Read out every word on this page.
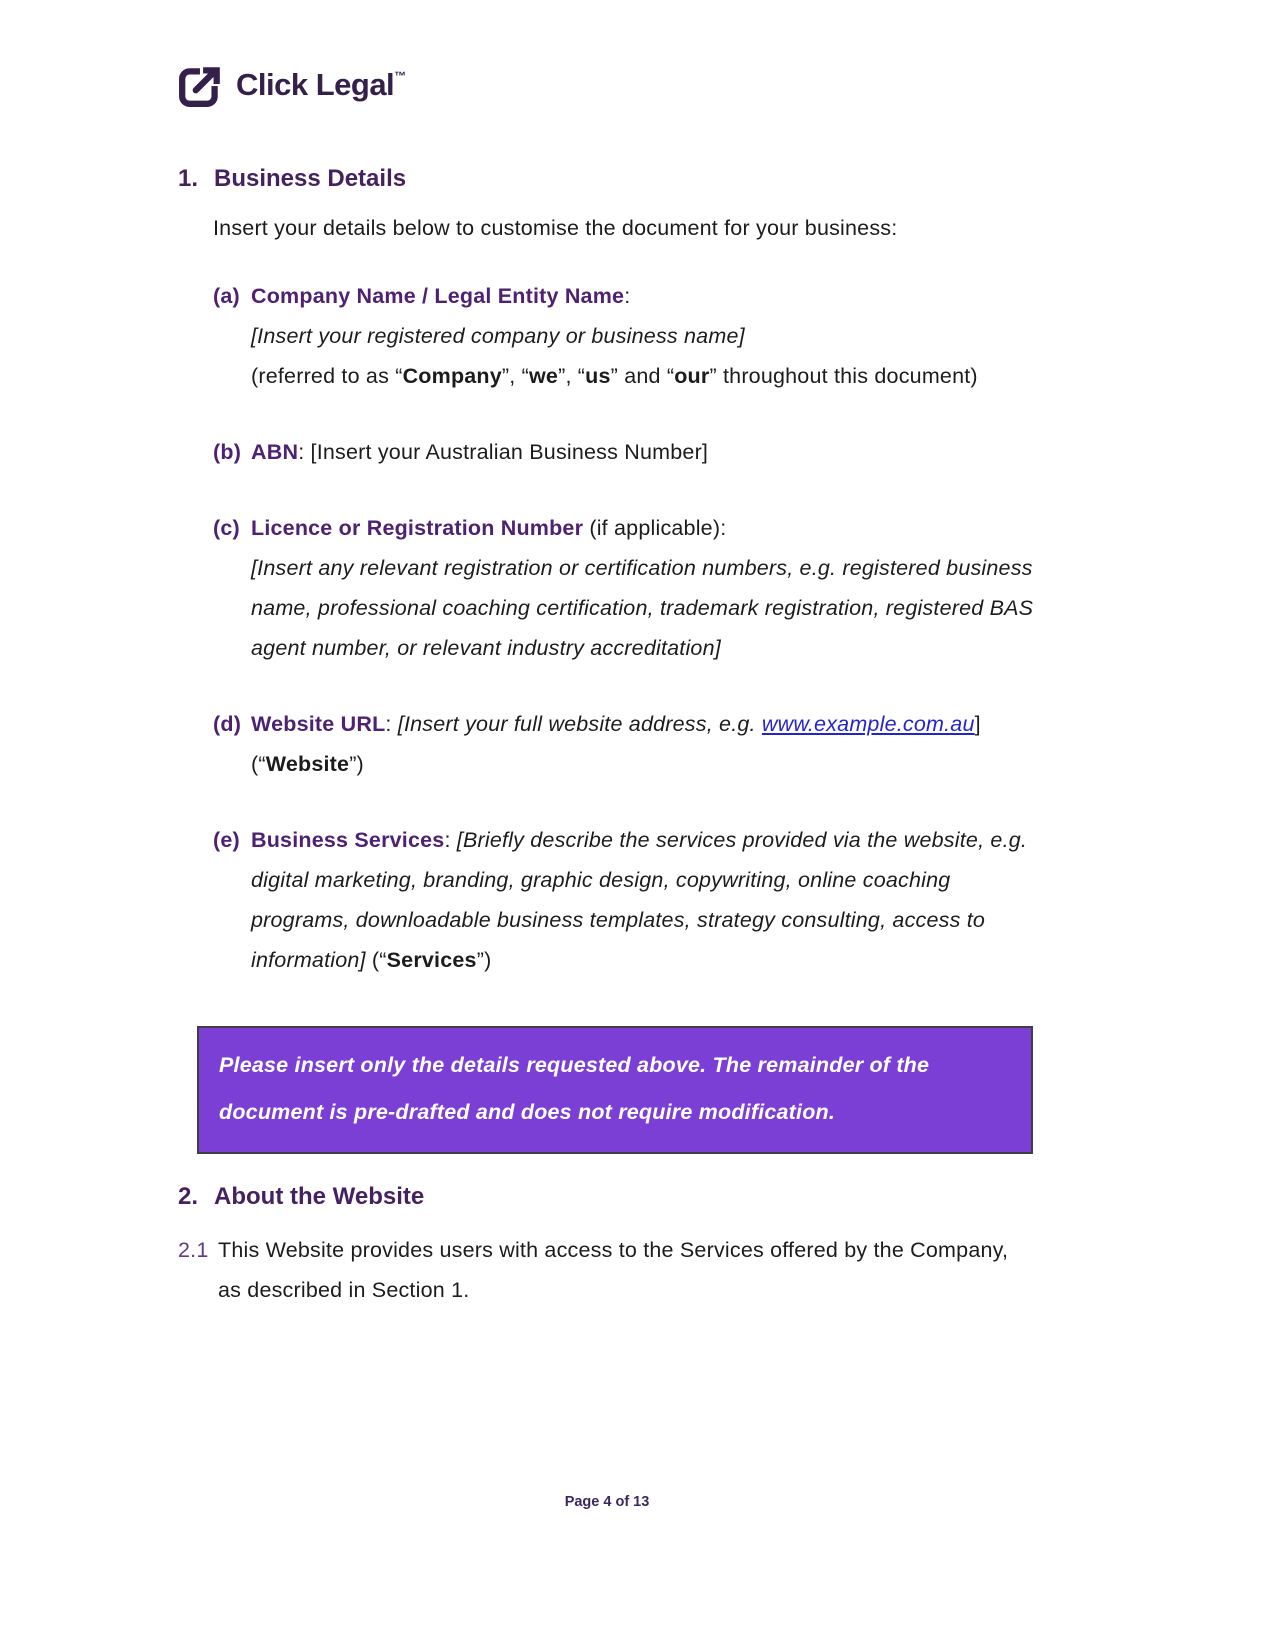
Click Legal™
1. Business Details
Insert your details below to customise the document for your business:
(a) Company Name / Legal Entity Name:
[Insert your registered company or business name]
(referred to as “Company”, “we”, “us” and “our” throughout this document)
(b) ABN: [Insert your Australian Business Number]
(c) Licence or Registration Number (if applicable):
[Insert any relevant registration or certification numbers, e.g. registered business name, professional coaching certification, trademark registration, registered BAS agent number, or relevant industry accreditation]
(d) Website URL: [Insert your full website address, e.g. www.example.com.au] (“Website”)
(e) Business Services: [Briefly describe the services provided via the website, e.g. digital marketing, branding, graphic design, copywriting, online coaching programs, downloadable business templates, strategy consulting, access to information] (“Services”)
Please insert only the details requested above. The remainder of the document is pre-drafted and does not require modification.
2. About the Website
2.1 This Website provides users with access to the Services offered by the Company, as described in Section 1.
Page 4 of 13
